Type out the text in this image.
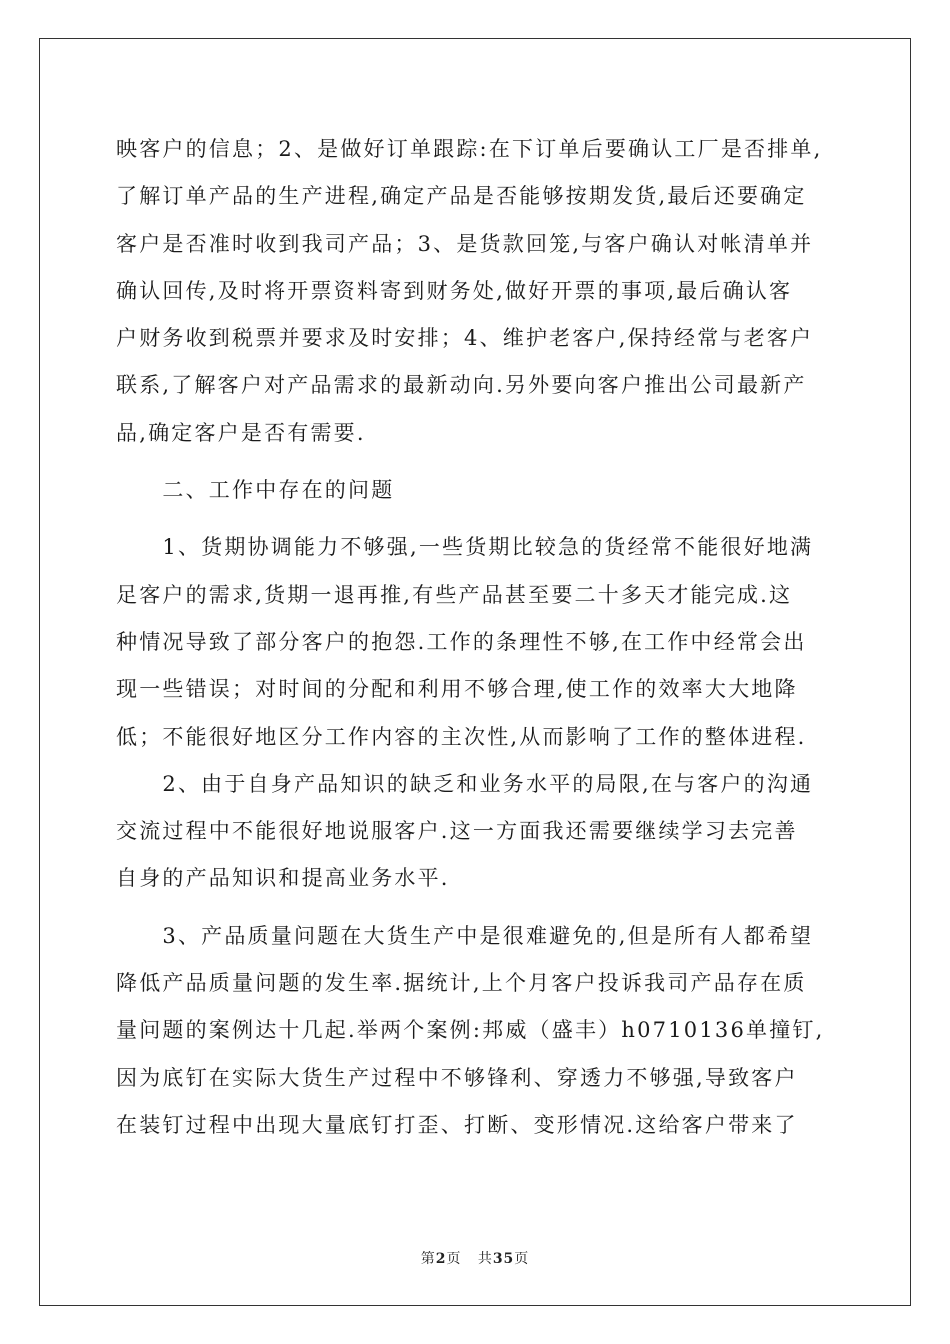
映客户的信息；2、是做好订单跟踪:在下订单后要确认工厂是否排单,
了解订单产品的生产进程,确定产品是否能够按期发货,最后还要确定
客户是否准时收到我司产品；3、是货款回笼,与客户确认对帐清单并
确认回传,及时将开票资料寄到财务处,做好开票的事项,最后确认客
户财务收到税票并要求及时安排；4、维护老客户,保持经常与老客户
联系,了解客户对产品需求的最新动向.另外要向客户推出公司最新产
品,确定客户是否有需要.
　　二、工作中存在的问题
　　1、货期协调能力不够强,一些货期比较急的货经常不能很好地满
足客户的需求,货期一退再推,有些产品甚至要二十多天才能完成.这
种情况导致了部分客户的抱怨.工作的条理性不够,在工作中经常会出
现一些错误；对时间的分配和利用不够合理,使工作的效率大大地降
低；不能很好地区分工作内容的主次性,从而影响了工作的整体进程.
　　2、由于自身产品知识的缺乏和业务水平的局限,在与客户的沟通
交流过程中不能很好地说服客户.这一方面我还需要继续学习去完善
自身的产品知识和提高业务水平.
　　3、产品质量问题在大货生产中是很难避免的,但是所有人都希望
降低产品质量问题的发生率.据统计,上个月客户投诉我司产品存在质
量问题的案例达十几起.举两个案例:邦威（盛丰）h0710136单撞钉,
因为底钉在实际大货生产过程中不够锋利、穿透力不够强,导致客户
在装钉过程中出现大量底钉打歪、打断、变形情况.这给客户带来了
第2页 共35页
